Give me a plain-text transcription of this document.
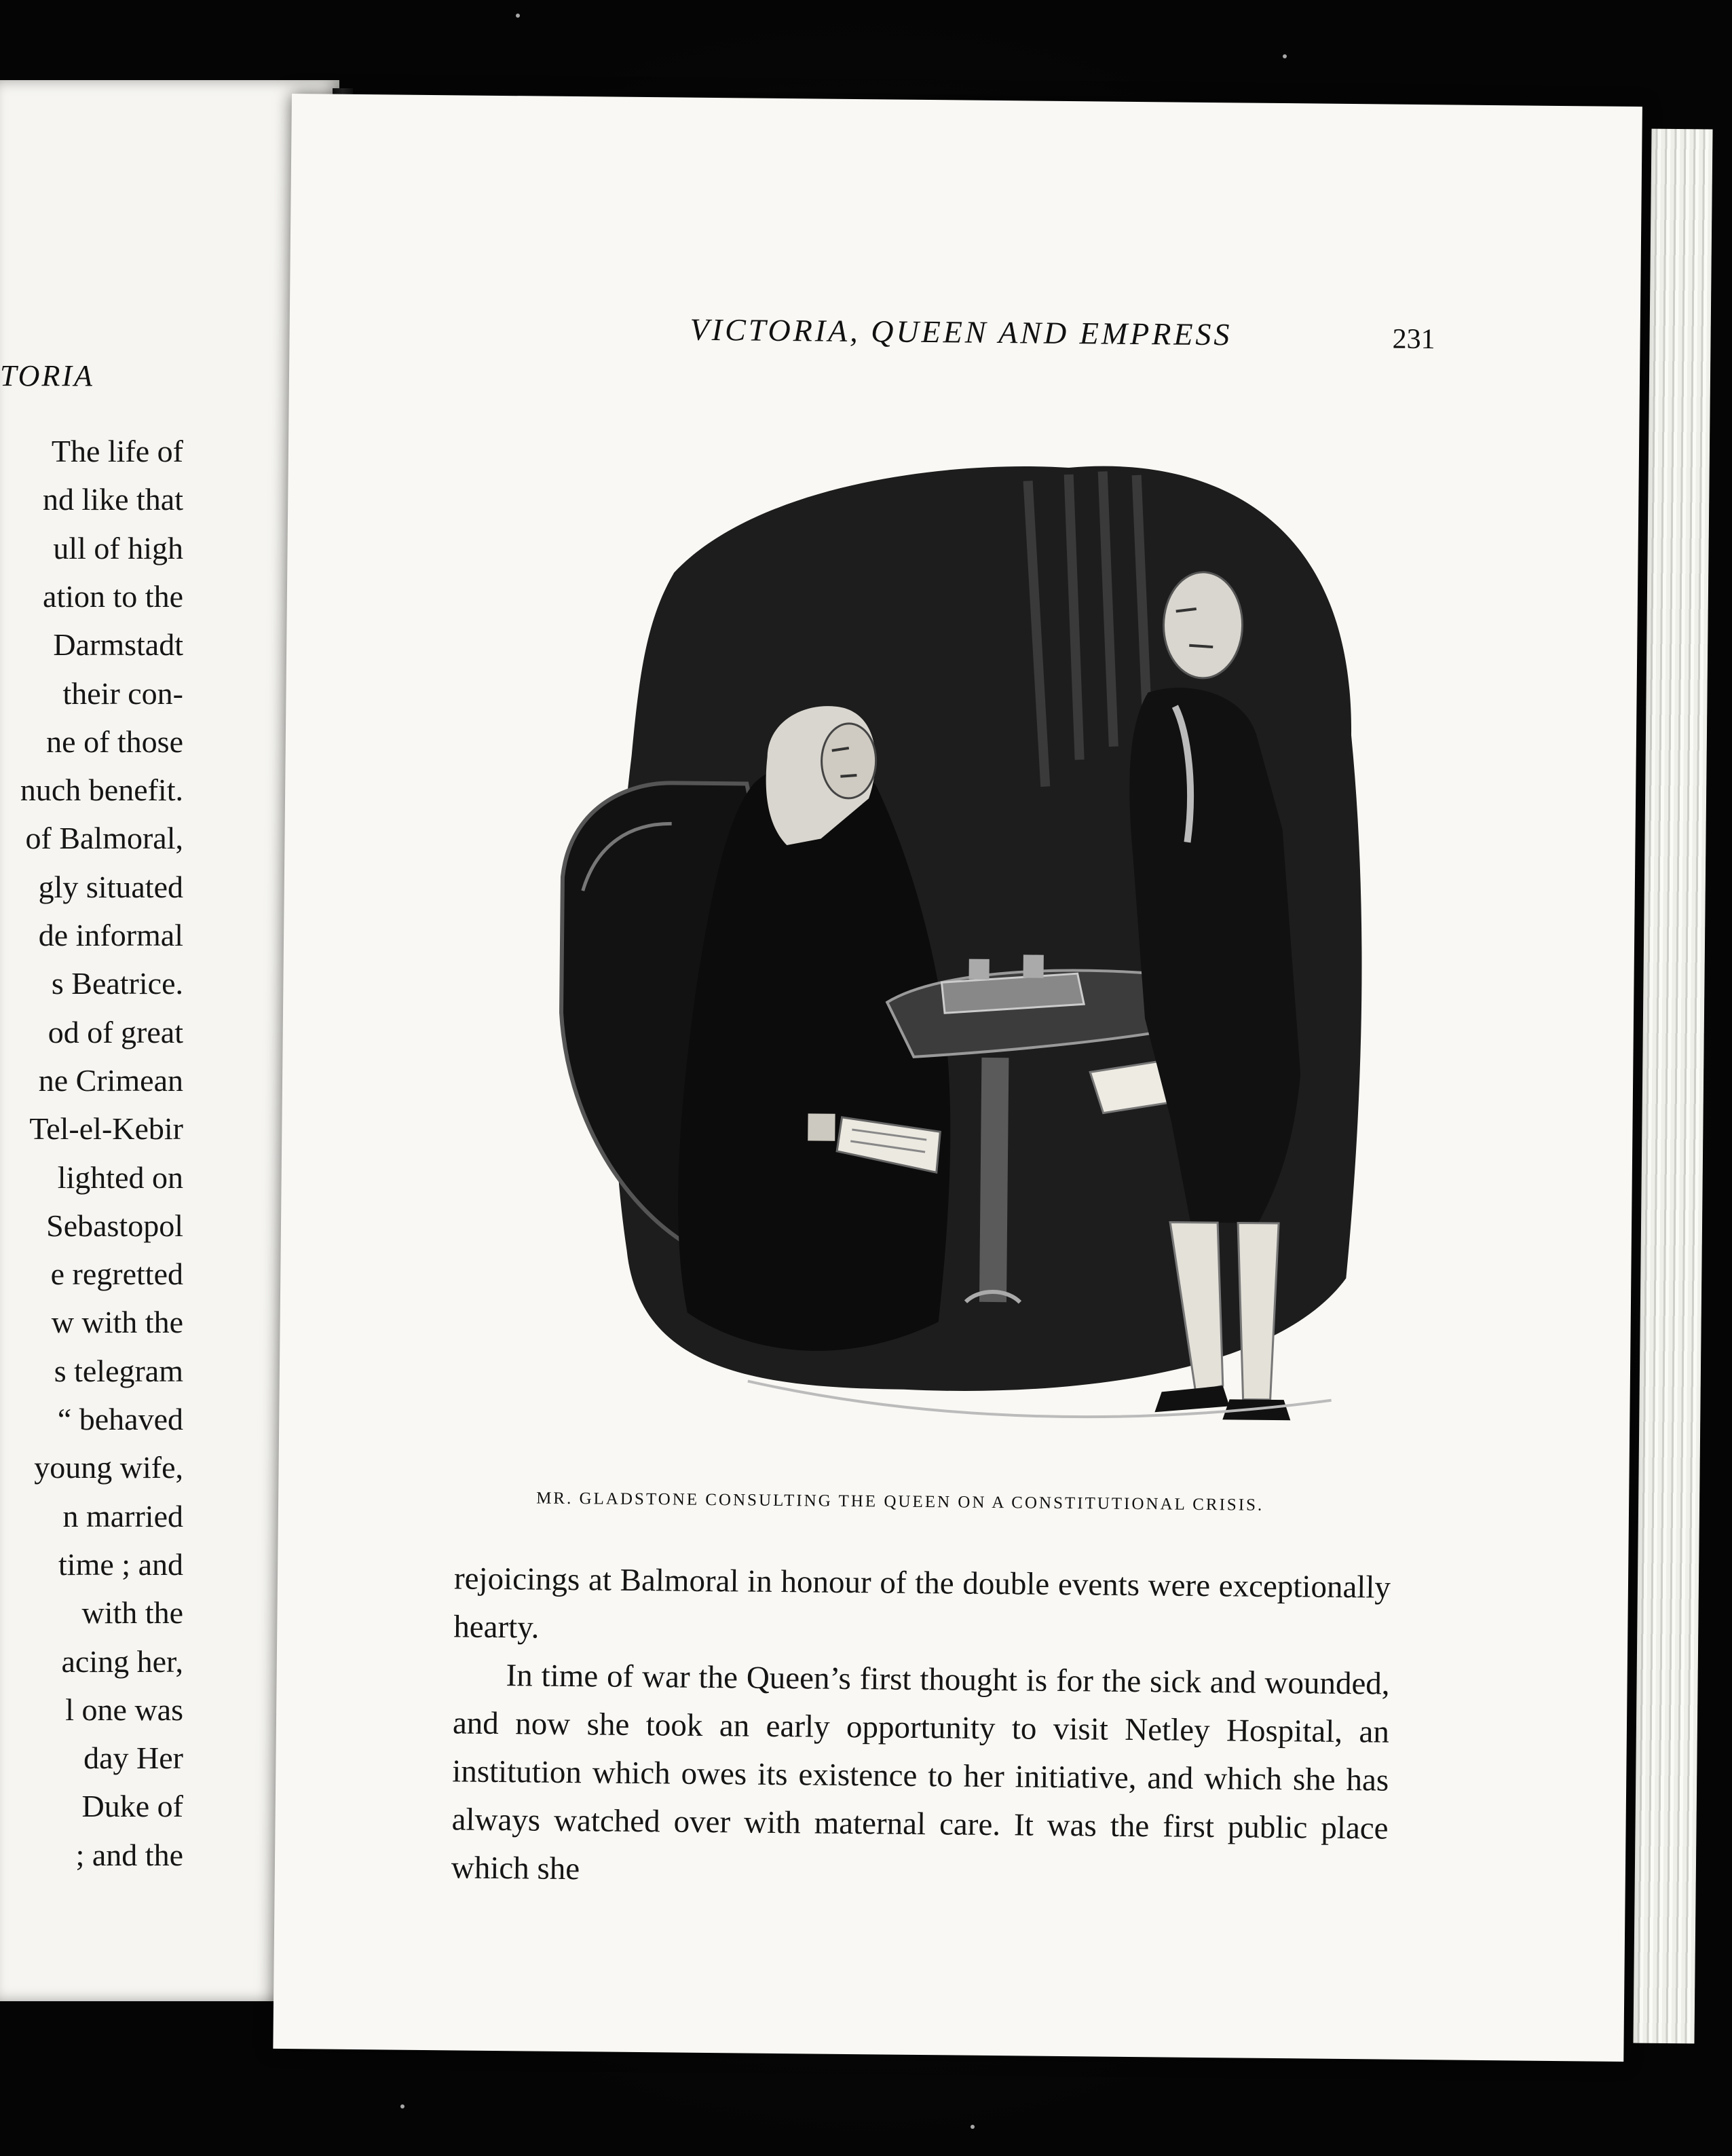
TORIA
The life of
nd like that
ull of high
ation to the
Darmstadt
their con-
ne of those
nuch benefit.
of Balmoral,
gly situated
de informal
s Beatrice.
od of great
ne Crimean
Tel-el-Kebir
lighted on
Sebastopol
e regretted
w with the
s telegram
“ behaved
young wife,
n married
time ; and
with the
acing her,
l one was
day Her
Duke of
; and the
VICTORIA, QUEEN AND EMPRESS	231
MR. GLADSTONE CONSULTING THE QUEEN ON A CONSTITUTIONAL CRISIS.

rejoicings at Balmoral in honour of the double events were exceptionally hearty.

In time of war the Queen’s first thought is for the sick and wounded, and now she took an early opportunity to visit Netley Hospital, an institution which owes its existence to her initiative, and which she has always watched over with maternal care. It was the first public place which she
